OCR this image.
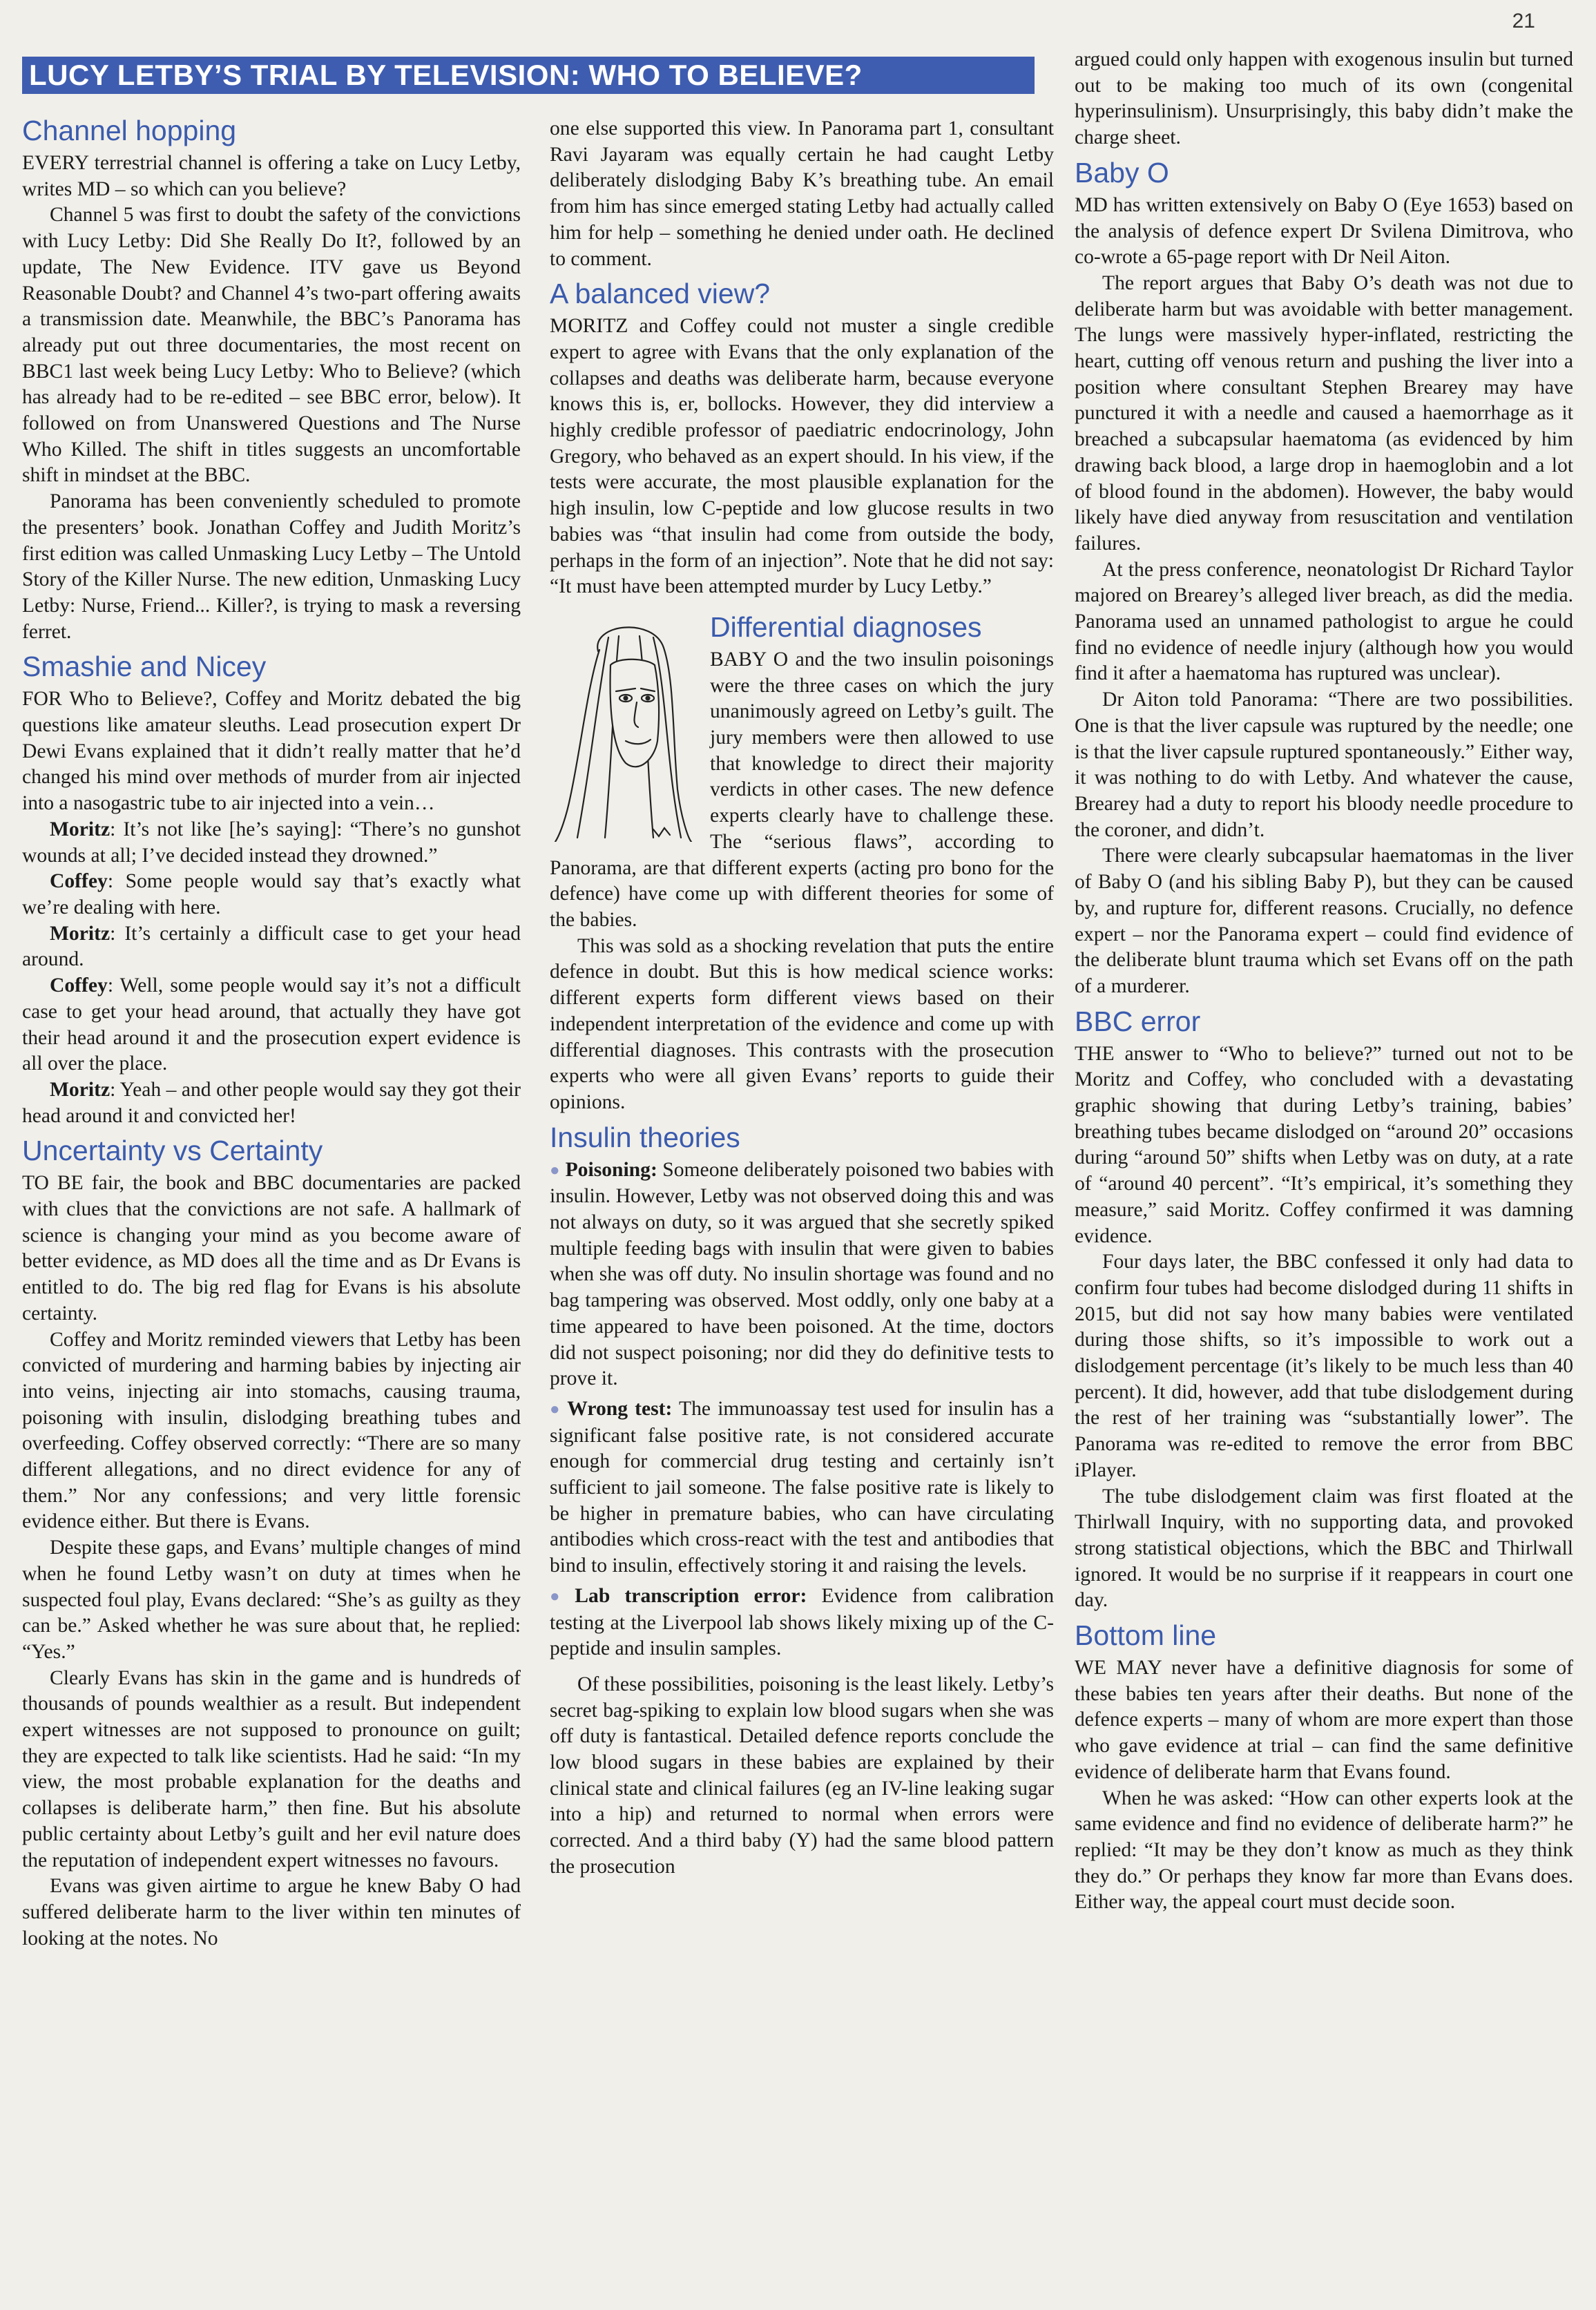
21
LUCY LETBY’S TRIAL BY TELEVISION: WHO TO BELIEVE?
Channel hopping

EVERY terrestrial channel is offering a take on Lucy Letby, writes MD – so which can you believe?

Channel 5 was first to doubt the safety of the convictions with Lucy Letby: Did She Really Do It?, followed by an update, The New Evidence. ITV gave us Beyond Reasonable Doubt? and Channel 4’s two-part offering awaits a transmission date. Meanwhile, the BBC’s Panorama has already put out three documentaries, the most recent on BBC1 last week being Lucy Letby: Who to Believe? (which has already had to be re-edited – see BBC error, below). It followed on from Unanswered Questions and The Nurse Who Killed. The shift in titles suggests an uncomfortable shift in mindset at the BBC.

Panorama has been conveniently scheduled to promote the presenters’ book. Jonathan Coffey and Judith Moritz’s first edition was called Unmasking Lucy Letby – The Untold Story of the Killer Nurse. The new edition, Unmasking Lucy Letby: Nurse, Friend... Killer?, is trying to mask a reversing ferret.

Smashie and Nicey

FOR Who to Believe?, Coffey and Moritz debated the big questions like amateur sleuths. Lead prosecution expert Dr Dewi Evans explained that it didn’t really matter that he’d changed his mind over methods of murder from air injected into a nasogastric tube to air injected into a vein…

Moritz: It’s not like [he’s saying]: “There’s no gunshot wounds at all; I’ve decided instead they drowned.”

Coffey: Some people would say that’s exactly what we’re dealing with here.

Moritz: It’s certainly a difficult case to get your head around.

Coffey: Well, some people would say it’s not a difficult case to get your head around, that actually they have got their head around it and the prosecution expert evidence is all over the place.

Moritz: Yeah – and other people would say they got their head around it and convicted her!

Uncertainty vs Certainty

TO BE fair, the book and BBC documentaries are packed with clues that the convictions are not safe. A hallmark of science is changing your mind as you become aware of better evidence, as MD does all the time and as Dr Evans is entitled to do. The big red flag for Evans is his absolute certainty.

Coffey and Moritz reminded viewers that Letby has been convicted of murdering and harming babies by injecting air into veins, injecting air into stomachs, causing trauma, poisoning with insulin, dislodging breathing tubes and overfeeding. Coffey observed correctly: “There are so many different allegations, and no direct evidence for any of them.” Nor any confessions; and very little forensic evidence either. But there is Evans.

Despite these gaps, and Evans’ multiple changes of mind when he found Letby wasn’t on duty at times when he suspected foul play, Evans declared: “She’s as guilty as they can be.” Asked whether he was sure about that, he replied: “Yes.”

Clearly Evans has skin in the game and is hundreds of thousands of pounds wealthier as a result. But independent expert witnesses are not supposed to pronounce on guilt; they are expected to talk like scientists. Had he said: “In my view, the most probable explanation for the deaths and collapses is deliberate harm,” then fine. But his absolute public certainty about Letby’s guilt and her evil nature does the reputation of independent expert witnesses no favours.

Evans was given airtime to argue he knew Baby O had suffered deliberate harm to the liver within ten minutes of looking at the notes. No

one else supported this view. In Panorama part 1, consultant Ravi Jayaram was equally certain he had caught Letby deliberately dislodging Baby K’s breathing tube. An email from him has since emerged stating Letby had actually called him for help – something he denied under oath. He declined to comment.

A balanced view?

MORITZ and Coffey could not muster a single credible expert to agree with Evans that the only explanation of the collapses and deaths was deliberate harm, because everyone knows this is, er, bollocks. However, they did interview a highly credible professor of paediatric endocrinology, John Gregory, who behaved as an expert should. In his view, if the tests were accurate, the most plausible explanation for the high insulin, low C-peptide and low glucose results in two babies was “that insulin had come from outside the body, perhaps in the form of an injection”. Note that he did not say: “It must have been attempted murder by Lucy Letby.”

Differential diagnoses

BABY O and the two insulin poisonings were the three cases on which the jury unanimously agreed on Letby’s guilt. The jury members were then allowed to use that knowledge to direct their majority verdicts in other cases. The new defence experts clearly have to challenge these. The “serious flaws”, according to Panorama, are that different experts (acting pro bono for the defence) have come up with different theories for some of the babies.

This was sold as a shocking revelation that puts the entire defence in doubt. But this is how medical science works: different experts form different views based on their independent interpretation of the evidence and come up with differential diagnoses. This contrasts with the prosecution experts who were all given Evans’ reports to guide their opinions.

Insulin theories

● Poisoning: Someone deliberately poisoned two babies with insulin. However, Letby was not observed doing this and was not always on duty, so it was argued that she secretly spiked multiple feeding bags with insulin that were given to babies when she was off duty. No insulin shortage was found and no bag tampering was observed. Most oddly, only one baby at a time appeared to have been poisoned. At the time, doctors did not suspect poisoning; nor did they do definitive tests to prove it.

● Wrong test: The immunoassay test used for insulin has a significant false positive rate, is not considered accurate enough for commercial drug testing and certainly isn’t sufficient to jail someone. The false positive rate is likely to be higher in premature babies, who can have circulating antibodies which cross-react with the test and antibodies that bind to insulin, effectively storing it and raising the levels.

● Lab transcription error: Evidence from calibration testing at the Liverpool lab shows likely mixing up of the C-peptide and insulin samples.

Of these possibilities, poisoning is the least likely. Letby’s secret bag-spiking to explain low blood sugars when she was off duty is fantastical. Detailed defence reports conclude the low blood sugars in these babies are explained by their clinical state and clinical failures (eg an IV-line leaking sugar into a hip) and returned to normal when errors were corrected. And a third baby (Y) had the same blood pattern the prosecution

argued could only happen with exogenous insulin but turned out to be making too much of its own (congenital hyperinsulinism). Unsurprisingly, this baby didn’t make the charge sheet.

Baby O

MD has written extensively on Baby O (Eye 1653) based on the analysis of defence expert Dr Svilena Dimitrova, who co-wrote a 65-page report with Dr Neil Aiton.

The report argues that Baby O’s death was not due to deliberate harm but was avoidable with better management. The lungs were massively hyper-inflated, restricting the heart, cutting off venous return and pushing the liver into a position where consultant Stephen Brearey may have punctured it with a needle and caused a haemorrhage as it breached a subcapsular haematoma (as evidenced by him drawing back blood, a large drop in haemoglobin and a lot of blood found in the abdomen). However, the baby would likely have died anyway from resuscitation and ventilation failures.

At the press conference, neonatologist Dr Richard Taylor majored on Brearey’s alleged liver breach, as did the media. Panorama used an unnamed pathologist to argue he could find no evidence of needle injury (although how you would find it after a haematoma has ruptured was unclear).

Dr Aiton told Panorama: “There are two possibilities. One is that the liver capsule was ruptured by the needle; one is that the liver capsule ruptured spontaneously.” Either way, it was nothing to do with Letby. And whatever the cause, Brearey had a duty to report his bloody needle procedure to the coroner, and didn’t.

There were clearly subcapsular haematomas in the liver of Baby O (and his sibling Baby P), but they can be caused by, and rupture for, different reasons. Crucially, no defence expert – nor the Panorama expert – could find evidence of the deliberate blunt trauma which set Evans off on the path of a murderer.

BBC error

THE answer to “Who to believe?” turned out not to be Moritz and Coffey, who concluded with a devastating graphic showing that during Letby’s training, babies’ breathing tubes became dislodged on “around 20” occasions during “around 50” shifts when Letby was on duty, at a rate of “around 40 percent”. “It’s empirical, it’s something they measure,” said Moritz. Coffey confirmed it was damning evidence.

Four days later, the BBC confessed it only had data to confirm four tubes had become dislodged during 11 shifts in 2015, but did not say how many babies were ventilated during those shifts, so it’s impossible to work out a dislodgement percentage (it’s likely to be much less than 40 percent). It did, however, add that tube dislodgement during the rest of her training was “substantially lower”. The Panorama was re-edited to remove the error from BBC iPlayer.

The tube dislodgement claim was first floated at the Thirlwall Inquiry, with no supporting data, and provoked strong statistical objections, which the BBC and Thirlwall ignored. It would be no surprise if it reappears in court one day.

Bottom line

WE MAY never have a definitive diagnosis for some of these babies ten years after their deaths. But none of the defence experts – many of whom are more expert than those who gave evidence at trial – can find the same definitive evidence of deliberate harm that Evans found.

When he was asked: “How can other experts look at the same evidence and find no evidence of deliberate harm?” he replied: “It may be they don’t know as much as they think they do.” Or perhaps they know far more than Evans does. Either way, the appeal court must decide soon.
